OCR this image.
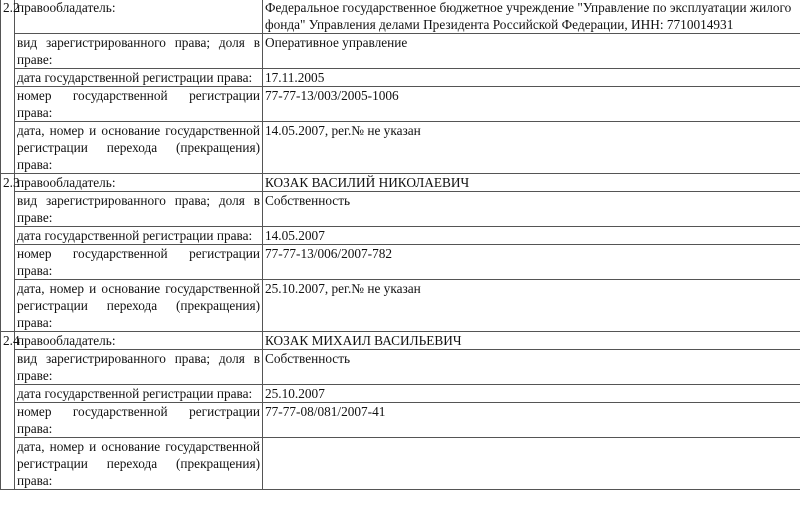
2.2	правообладатель:	Федеральное государственное бюджетное учреждение "Управление по эксплуатации жилого фонда" Управления делами Президента Российской Федерации, ИНН: 7710014931
	вид зарегистрированного права; доля в праве:	Оперативное управление
	дата государственной регистрации права:	17.11.2005
	номер государственной регистрации права:	77-77-13/003/2005-1006
	дата, номер и основание государственной регистрации перехода (прекращения) права:	14.05.2007, рег.№ не указан
2.3	правообладатель:	КОЗАК ВАСИЛИЙ НИКОЛАЕВИЧ
	вид зарегистрированного права; доля в праве:	Собственность
	дата государственной регистрации права:	14.05.2007
	номер государственной регистрации права:	77-77-13/006/2007-782
	дата, номер и основание государственной регистрации перехода (прекращения) права:	25.10.2007, рег.№ не указан
2.4	правообладатель:	КОЗАК МИХАИЛ ВАСИЛЬЕВИЧ
	вид зарегистрированного права; доля в праве:	Собственность
	дата государственной регистрации права:	25.10.2007
	номер государственной регистрации права:	77-77-08/081/2007-41
	дата, номер и основание государственной регистрации перехода (прекращения) права:	
